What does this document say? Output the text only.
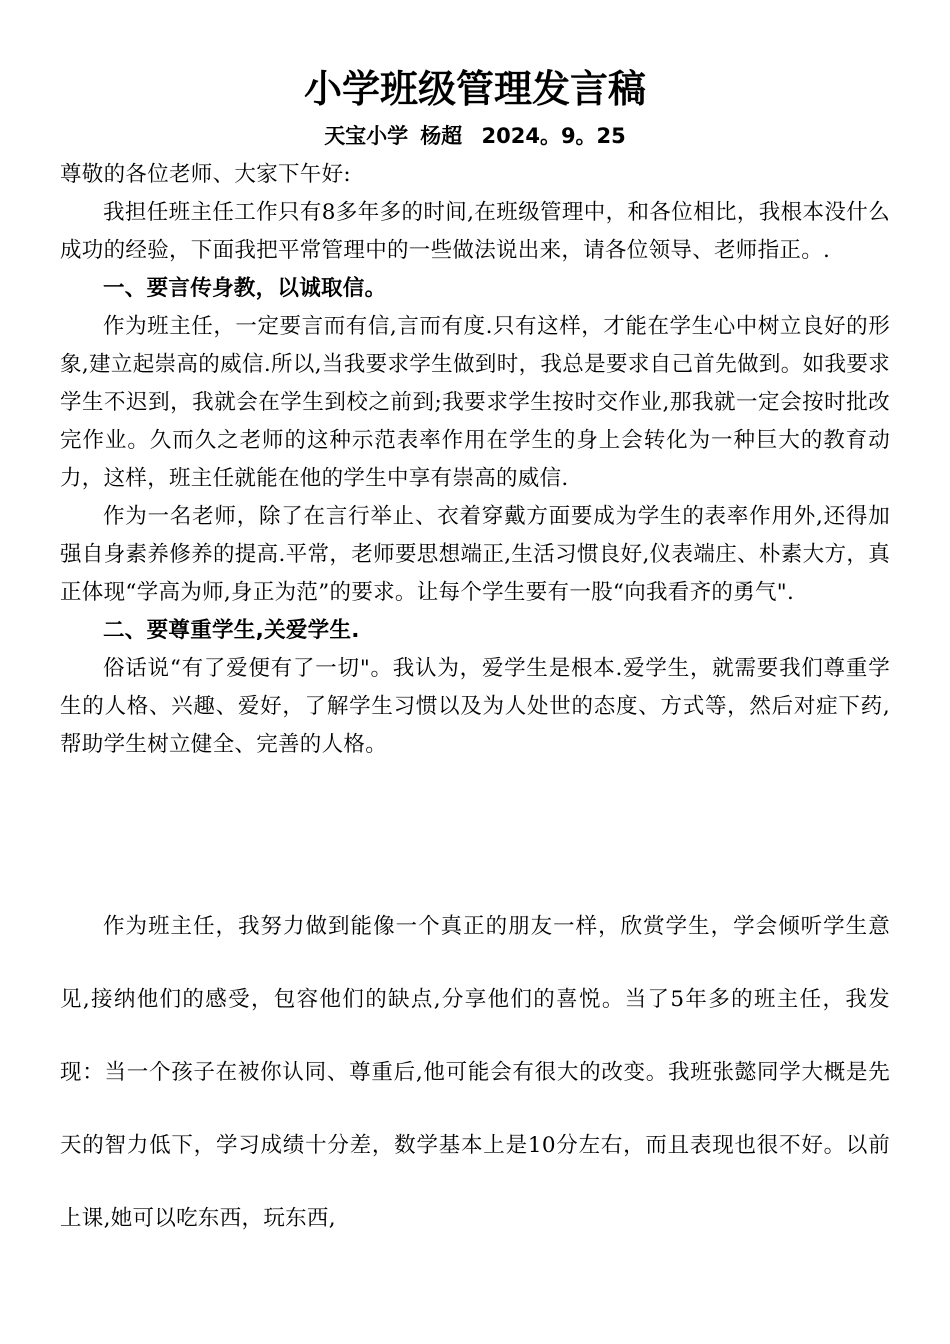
小学班级管理发言稿
天宝小学 杨超 2024。9。25

尊敬的各位老师、大家下午好:

我担任班主任工作只有8多年多的时间,在班级管理中，和各位相比，我根本没什么成功的经验，下面我把平常管理中的一些做法说出来，请各位领导、老师指正。.

一、要言传身教，以诚取信。

作为班主任，一定要言而有信,言而有度.只有这样，才能在学生心中树立良好的形象,建立起崇高的威信.所以,当我要求学生做到时，我总是要求自己首先做到。如我要求学生不迟到，我就会在学生到校之前到;我要求学生按时交作业,那我就一定会按时批改完作业。久而久之老师的这种示范表率作用在学生的身上会转化为一种巨大的教育动力，这样，班主任就能在他的学生中享有崇高的威信.

作为一名老师，除了在言行举止、衣着穿戴方面要成为学生的表率作用外,还得加强自身素养修养的提高.平常，老师要思想端正,生活习惯良好,仪表端庄、朴素大方，真正体现“学高为师,身正为范”的要求。让每个学生要有一股“向我看齐的勇气".

二、要尊重学生,关爱学生.

俗话说“有了爱便有了一切"。我认为，爱学生是根本.爱学生，就需要我们尊重学生的人格、兴趣、爱好，了解学生习惯以及为人处世的态度、方式等，然后对症下药,帮助学生树立健全、完善的人格。

作为班主任，我努力做到能像一个真正的朋友一样，欣赏学生，学会倾听学生意见,接纳他们的感受，包容他们的缺点,分享他们的喜悦。当了5年多的班主任，我发现：当一个孩子在被你认同、尊重后,他可能会有很大的改变。我班张懿同学大概是先天的智力低下，学习成绩十分差，数学基本上是10分左右，而且表现也很不好。以前上课,她可以吃东西，玩东西,
